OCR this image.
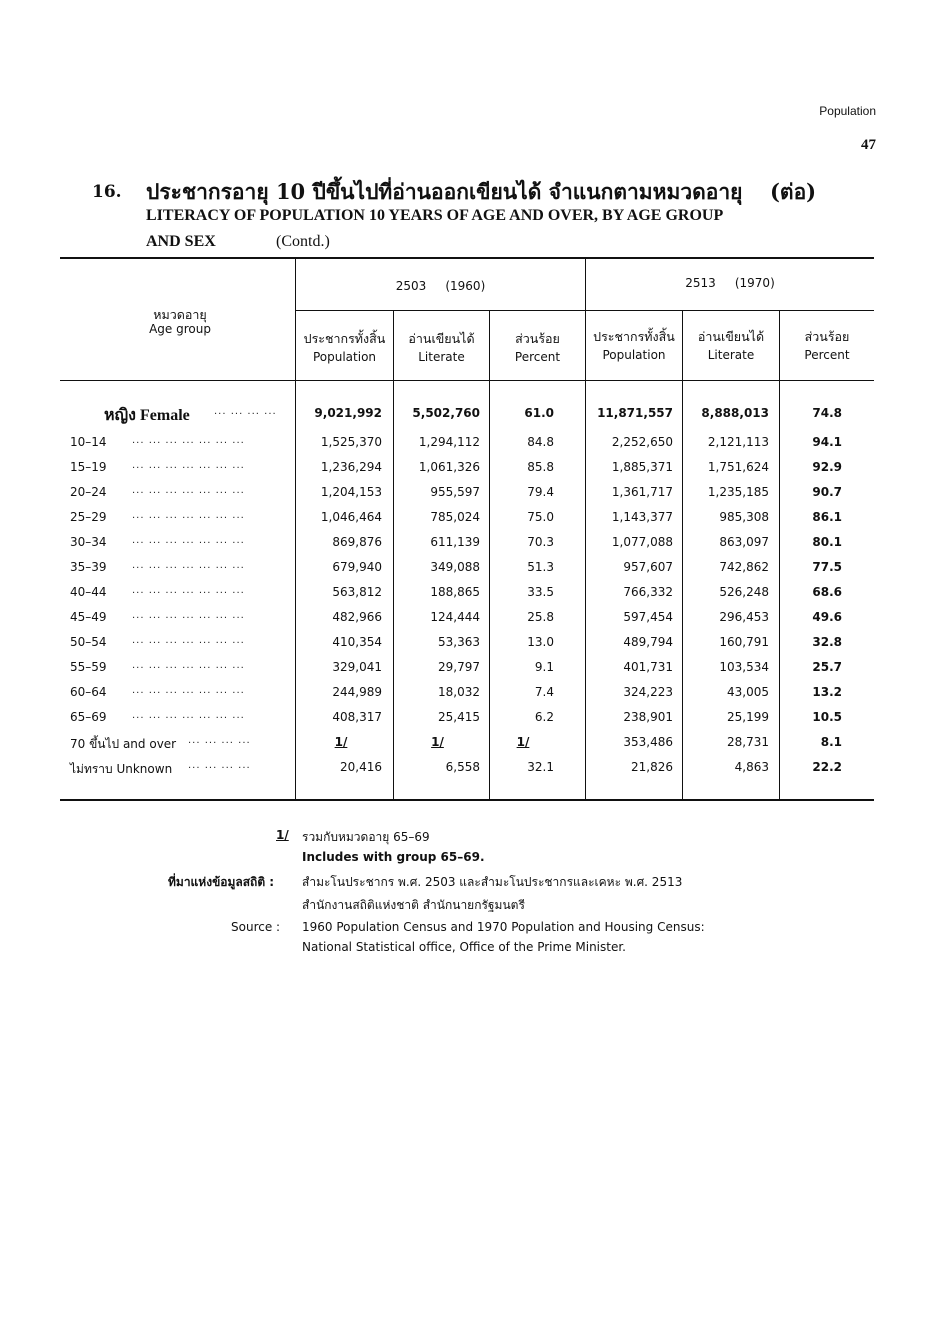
Population
47
16. ประชากรอายุ 10 ปีขึ้นไปที่อ่านออกเขียนได้ จำแนกตามหมวดอายุ (ต่อ)
LITERACY OF POPULATION 10 YEARS OF AGE AND OVER, BY AGE GROUP
AND SEX	(Contd.)
หมวดอายุ
Age group
2503     (1960)	2513     (1970)
ประชากรทั้งสิ้น
Population
อ่านเขียนได้
Literate
ส่วนร้อย
Percent
ประชากรทั้งสิ้น
Population
อ่านเขียนได้
Literate
ส่วนร้อย
Percent
หญิง Female ... ... ... ...	9,021,992	5,502,760	61.0	11,871,557	8,888,013	74.8
10–14	... ... ... ... ... ... ...	1,525,370	1,294,112	84.8	2,252,650	2,121,113	94.1
15–19	... ... ... ... ... ... ...	1,236,294	1,061,326	85.8	1,885,371	1,751,624	92.9
20–24	... ... ... ... ... ... ...	1,204,153	955,597	79.4	1,361,717	1,235,185	90.7
25–29	... ... ... ... ... ... ...	1,046,464	785,024	75.0	1,143,377	985,308	86.1
30–34	... ... ... ... ... ... ...	869,876	611,139	70.3	1,077,088	863,097	80.1
35–39	... ... ... ... ... ... ...	679,940	349,088	51.3	957,607	742,862	77.5
40–44	... ... ... ... ... ... ...	563,812	188,865	33.5	766,332	526,248	68.6
45–49	... ... ... ... ... ... ...	482,966	124,444	25.8	597,454	296,453	49.6
50–54	... ... ... ... ... ... ...	410,354	53,363	13.0	489,794	160,791	32.8
55–59	... ... ... ... ... ... ...	329,041	29,797	9.1	401,731	103,534	25.7
60–64	... ... ... ... ... ... ...	244,989	18,032	7.4	324,223	43,005	13.2
65–69	... ... ... ... ... ... ...	408,317	25,415	6.2	238,901	25,199	10.5
70 ขึ้นไป and over ... ... ... ...	1/	1/	1/	353,486	28,731	8.1
ไม่ทราบ Unknown ... ... ... ...	20,416	6,558	32.1	21,826	4,863	22.2
1/ รวมกับหมวดอายุ 65–69
Includes with group 65–69.
ที่มาแห่งข้อมูลสถิติ : สำมะโนประชากร พ.ศ. 2503 และสำมะโนประชากรและเคหะ พ.ศ. 2513
สำนักงานสถิติแห่งชาติ สำนักนายกรัฐมนตรี
Source : 1960 Population Census and 1970 Population and Housing Census:
National Statistical office, Office of the Prime Minister.
